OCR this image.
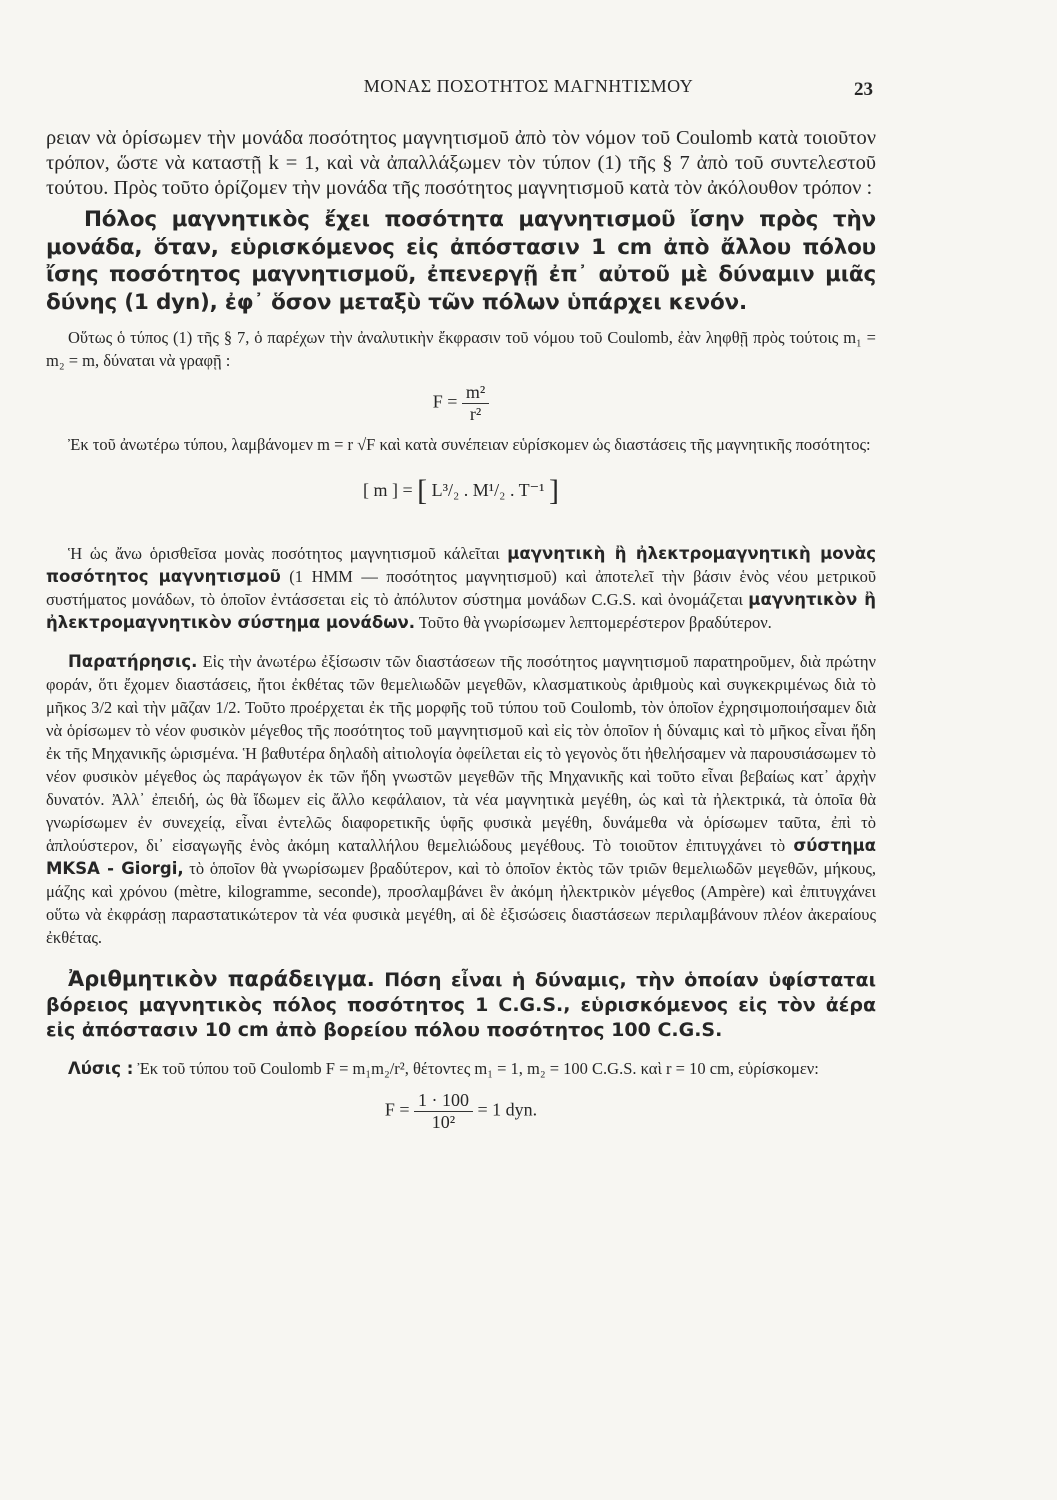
ΜΟΝΑΣ ΠΟΣΟΤΗΤΟΣ ΜΑΓΝΗΤΙΣΜΟΥ	23

ρειαν νὰ ὁρίσωμεν τὴν μονάδα ποσότητος μαγνητισμοῦ ἀπὸ τὸν νόμον τοῦ Coulomb κατὰ τοιοῦτον τρόπον, ὥστε νὰ καταστῇ k = 1, καὶ νὰ ἀπαλλάξωμεν τὸν τύπον (1) τῆς § 7 ἀπὸ τοῦ συντελεστοῦ τούτου. Πρὸς τοῦτο ὁρίζομεν τὴν μονάδα τῆς ποσότητος μαγνητισμοῦ κατὰ τὸν ἀκόλουθον τρόπον :

Πόλος μαγνητικὸς ἔχει ποσότητα μαγνητισμοῦ ἴσην πρὸς τὴν μονάδα, ὅταν, εὑρισκόμενος εἰς ἀπόστασιν 1 cm ἀπὸ ἄλλου πόλου ἴσης ποσότητος μαγνητισμοῦ, ἐπενεργῇ ἐπ᾽ αὐτοῦ μὲ δύναμιν μιᾶς δύνης (1 dyn), ἐφ᾽ ὅσον μεταξὺ τῶν πόλων ὑπάρχει κενόν.

Οὕτως ὁ τύπος (1) τῆς § 7, ὁ παρέχων τὴν ἀναλυτικὴν ἔκφρασιν τοῦ νόμου τοῦ Coulomb, ἐὰν ληφθῇ πρὸς τούτοις m₁ = m₂ = m, δύναται νὰ γραφῇ :

$F = \frac{\text{m²}}{\text{r²}}$

Ἐκ τοῦ ἀνωτέρω τύπου, λαμβάνομεν m = r √F καὶ κατὰ συνέπειαν εὑρίσκομεν ὡς διαστάσεις τῆς μαγνητικῆς ποσότητος:

[ m ] = [ L³/₂ . M¹/₂ . T⁻¹ ]

Ἡ ὡς ἄνω ὁρισθεῖσα μονὰς ποσότητος μαγνητισμοῦ κάλεῖται μαγνητικὴ ἢ ἠλεκτρομαγνητικὴ μονὰς ποσότητος μαγνητισμοῦ (1 ΗΜΜ — ποσότητος μαγνητισμοῦ) καὶ ἀποτελεῖ τὴν βάσιν ἑνὸς νέου μετρικοῦ συστήματος μονάδων, τὸ ὁποῖον ἐντάσσεται εἰς τὸ ἀπόλυτον σύστημα μονάδων C.G.S. καὶ ὀνομάζεται μαγνητικὸν ἢ ἠλεκτρομαγνητικὸν σύστημα μονάδων. Τοῦτο θὰ γνωρίσωμεν λεπτομερέστερον βραδύτερον.

Παρατήρησις. Εἰς τὴν ἀνωτέρω ἐξίσωσιν τῶν διαστάσεων τῆς ποσότητος μαγνητισμοῦ παρατηροῦμεν, διὰ πρώτην φοράν, ὅτι ἔχομεν διαστάσεις, ἤτοι ἐκθέτας τῶν θεμελιωδῶν μεγεθῶν, κλασματικοὺς ἀριθμοὺς καὶ συγκεκριμένως διὰ τὸ μῆκος 3/2 καὶ τὴν μᾶζαν 1/2. Τοῦτο προέρχεται ἐκ τῆς μορφῆς τοῦ τύπου τοῦ Coulomb, τὸν ὁποῖον ἐχρησιμοποιήσαμεν διὰ νὰ ὁρίσωμεν τὸ νέον φυσικὸν μέγεθος τῆς ποσότητος τοῦ μαγνητισμοῦ καὶ εἰς τὸν ὁποῖον ἡ δύναμις καὶ τὸ μῆκος εἶναι ἤδη ἐκ τῆς Μηχανικῆς ὡρισμένα. Ἡ βαθυτέρα δηλαδὴ αἰτιολογία ὀφείλεται εἰς τὸ γεγονὸς ὅτι ἠθελήσαμεν νὰ παρουσιάσωμεν τὸ νέον φυσικὸν μέγεθος ὡς παράγωγον ἐκ τῶν ἤδη γνωστῶν μεγεθῶν τῆς Μηχανικῆς καὶ τοῦτο εἶναι βεβαίως κατ᾽ ἀρχὴν δυνατόν. Ἀλλ᾽ ἐπειδή, ὡς θὰ ἴδωμεν εἰς ἄλλο κεφάλαιον, τὰ νέα μαγνητικὰ μεγέθη, ὡς καὶ τὰ ἠλεκτρικά, τὰ ὁποῖα θὰ γνωρίσωμεν ἐν συνεχείᾳ, εἶναι ἐντελῶς διαφορετικῆς ὑφῆς φυσικὰ μεγέθη, δυνάμεθα νὰ ὁρίσωμεν ταῦτα, ἐπὶ τὸ ἁπλούστερον, δι᾽ εἰσαγωγῆς ἑνὸς ἀκόμη καταλλήλου θεμελιώδους μεγέθους. Τὸ τοιοῦτον ἐπιτυγχάνει τὸ σύστημα MKSA - Giorgi, τὸ ὁποῖον θὰ γνωρίσωμεν βραδύτερον, καὶ τὸ ὁποῖον ἐκτὸς τῶν τριῶν θεμελιωδῶν μεγεθῶν, μήκους, μάζης καὶ χρόνου (mètre, kilogramme, seconde), προσλαμβάνει ἓν ἀκόμη ἠλεκτρικὸν μέγεθος (Ampère) καὶ ἐπιτυγχάνει οὕτω νὰ ἐκφράσῃ παραστατικώτερον τὰ νέα φυσικὰ μεγέθη, αἱ δὲ ἐξισώσεις διαστάσεων περιλαμβάνουν πλέον ἀκεραίους ἐκθέτας.

Ἀριθμητικὸν παράδειγμα. Πόση εἶναι ἡ δύναμις, τὴν ὁποίαν ὑφίσταται βόρειος μαγνητικὸς πόλος ποσότητος 1 C.G.S., εὑρισκόμενος εἰς τὸν ἀέρα εἰς ἀπόστασιν 10 cm ἀπὸ βορείου πόλου ποσότητος 100 C.G.S.

Λύσις : Ἐκ τοῦ τύπου τοῦ Coulomb F = m₁m₂/r², θέτοντες m₁ = 1, m₂ = 100 C.G.S. καὶ r = 10 cm, εὑρίσκομεν:

$F = \frac{1 \cdot 100}{\text{10²}} = 1$ dyn.
